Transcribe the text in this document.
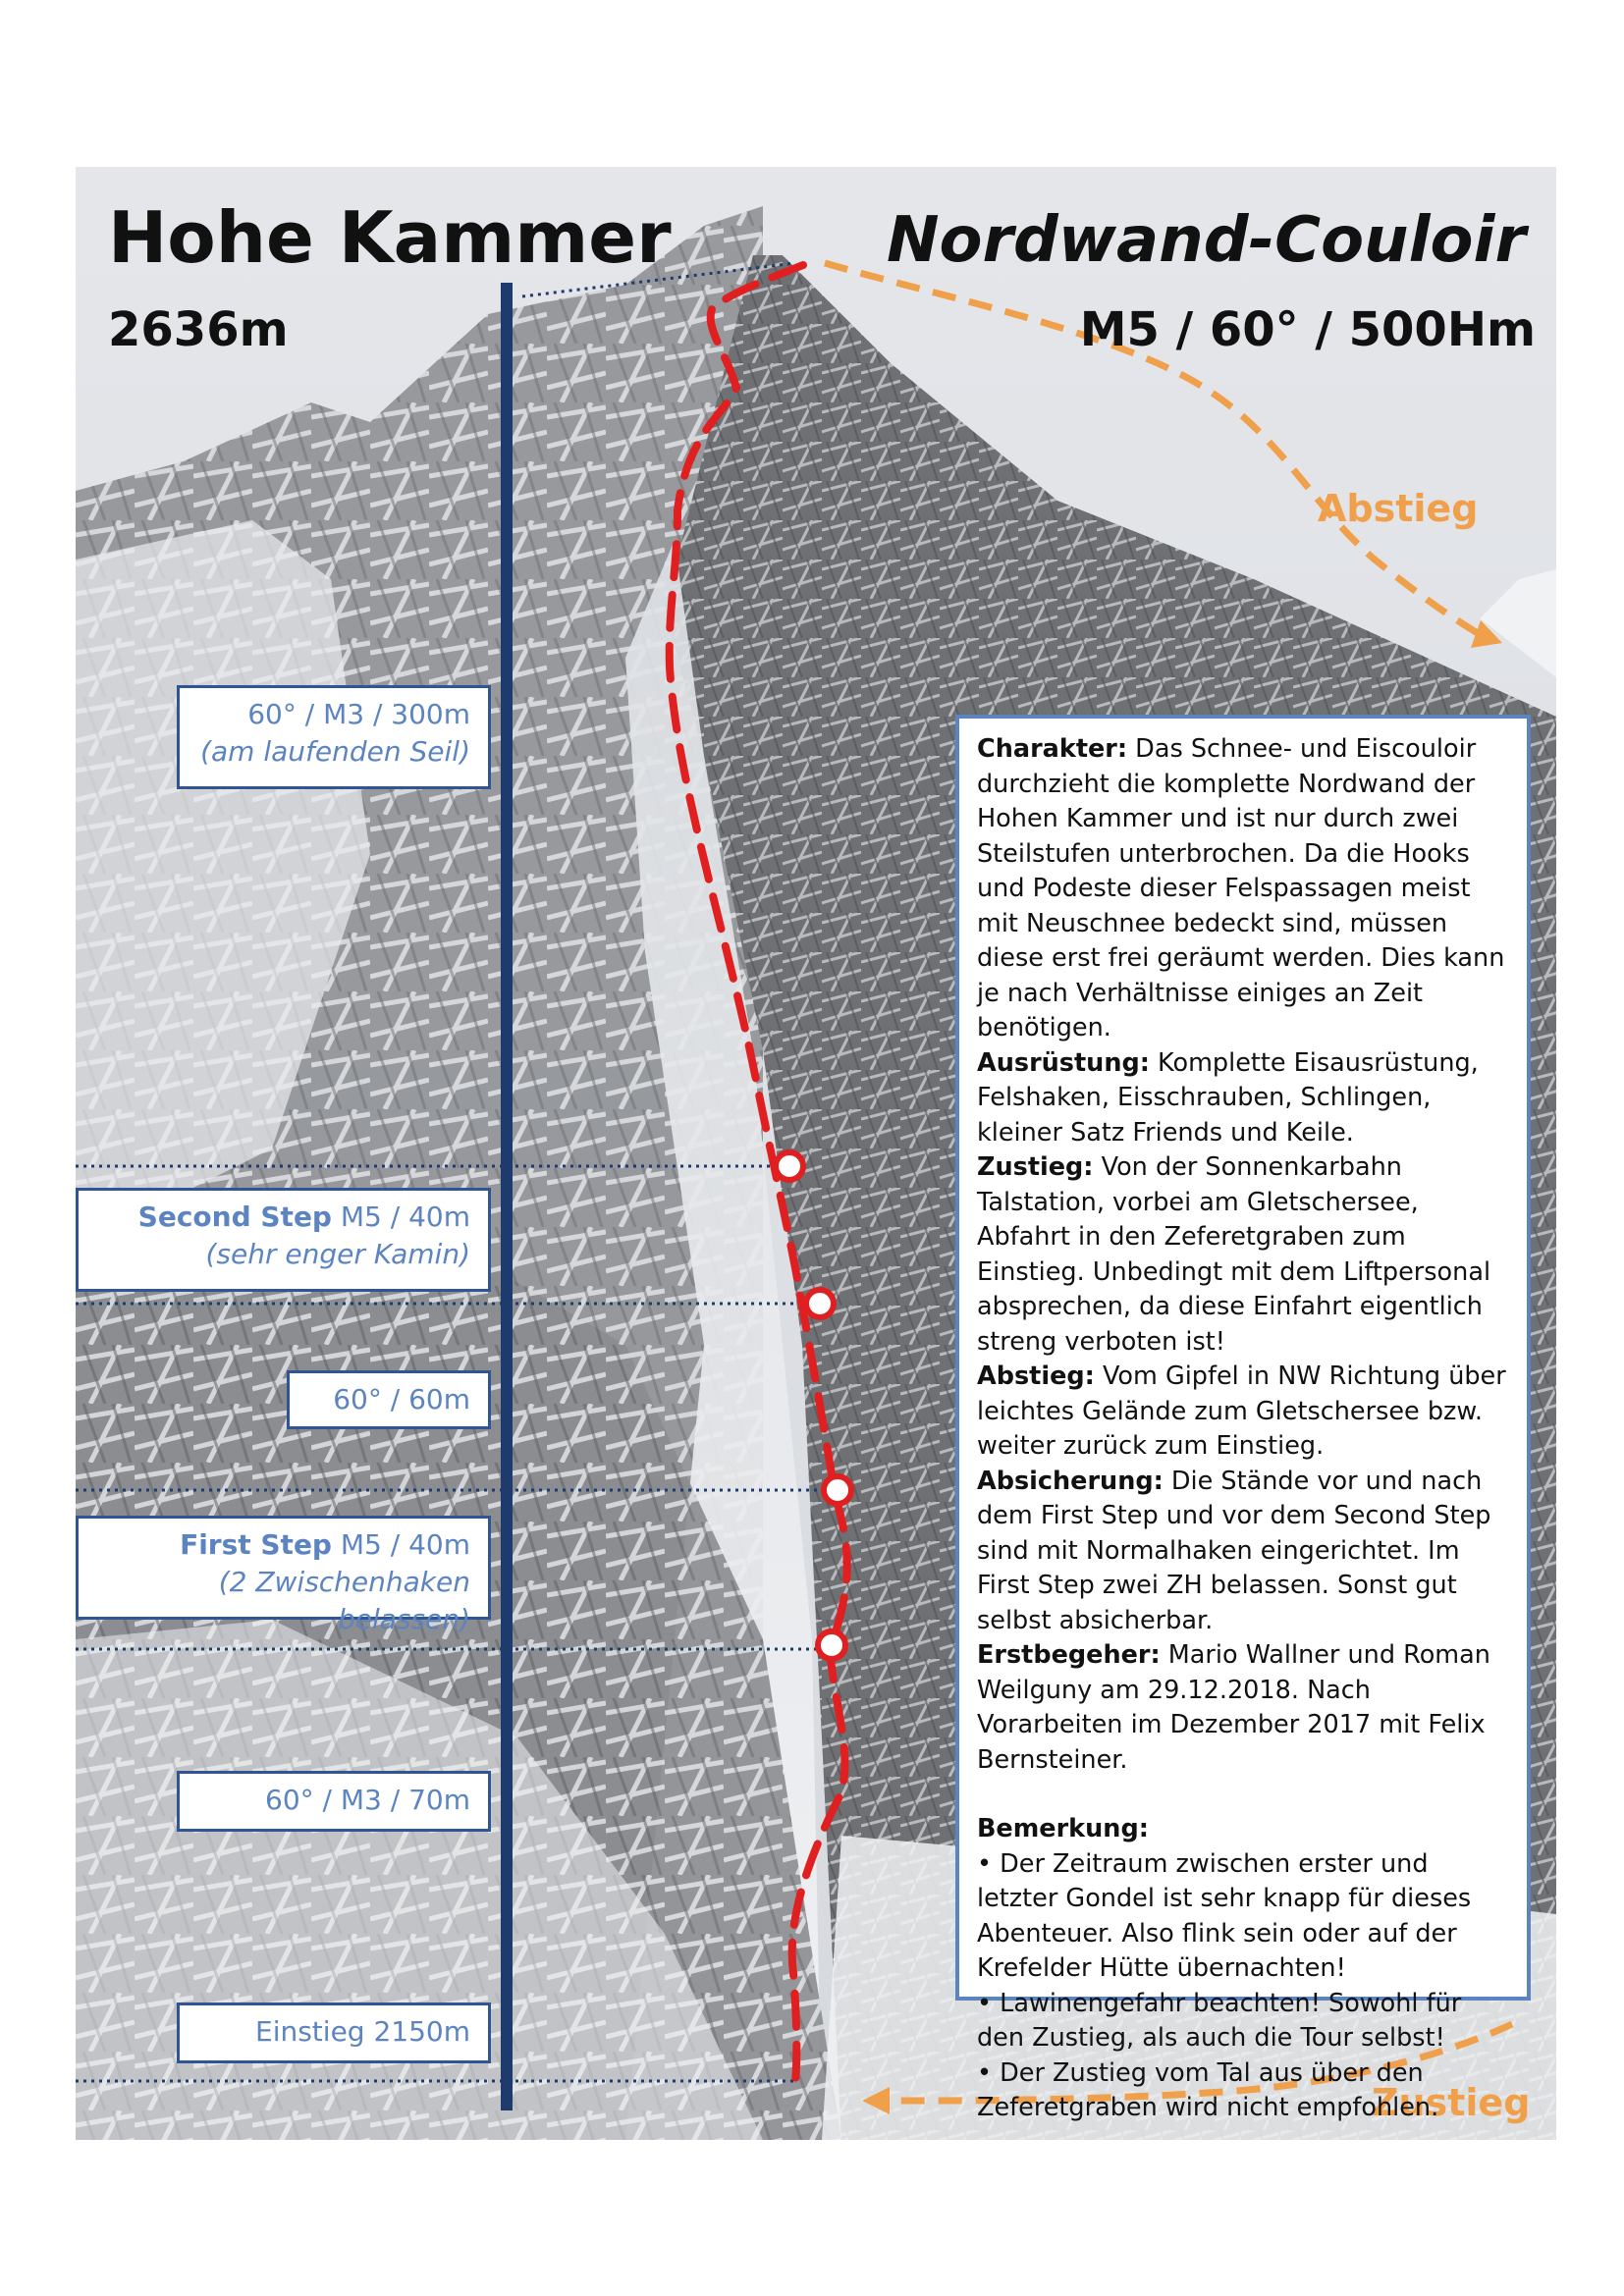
Hohe Kammer	Nordwand-Couloir
2636m	M5 / 60° / 500Hm
Abstieg
Zustieg
60° / M3 / 300m
(am laufenden Seil)
Second Step M5 / 40m
(sehr enger Kamin)
60° / 60m
First Step M5 / 40m
(2 Zwischenhaken belassen)
60° / M3 / 70m
Einstieg 2150m

Charakter: Das Schnee- und Eiscouloir durchzieht die komplette Nordwand der Hohen Kammer und ist nur durch zwei Steilstufen unterbrochen. Da die Hooks und Podeste dieser Felspassagen meist mit Neuschnee bedeckt sind, müssen diese erst frei geräumt werden. Dies kann je nach Verhältnisse einiges an Zeit benötigen.

Ausrüstung: Komplette Eisausrüstung, Felshaken, Eisschrauben, Schlingen, kleiner Satz Friends und Keile.

Zustieg: Von der Sonnenkarbahn Talstation, vorbei am Gletschersee, Abfahrt in den Zeferetgraben zum Einstieg. Unbedingt mit dem Liftpersonal absprechen, da diese Einfahrt eigentlich streng verboten ist!

Abstieg: Vom Gipfel in NW Richtung über leichtes Gelände zum Gletschersee bzw. weiter zurück zum Einstieg.

Absicherung: Die Stände vor und nach dem First Step und vor dem Second Step sind mit Normalhaken eingerichtet. Im First Step zwei ZH belassen. Sonst gut selbst absicherbar.

Erstbegeher: Mario Wallner und Roman Weilguny am 29.12.2018. Nach Vorarbeiten im Dezember 2017 mit Felix Bernsteiner.

Bemerkung:

• Der Zeitraum zwischen erster und letzter Gondel ist sehr knapp für dieses Abenteuer. Also flink sein oder auf der Krefelder Hütte übernachten!

• Lawinengefahr beachten! Sowohl für den Zustieg, als auch die Tour selbst!

• Der Zustieg vom Tal aus über den Zeferetgraben wird nicht empfohlen.
